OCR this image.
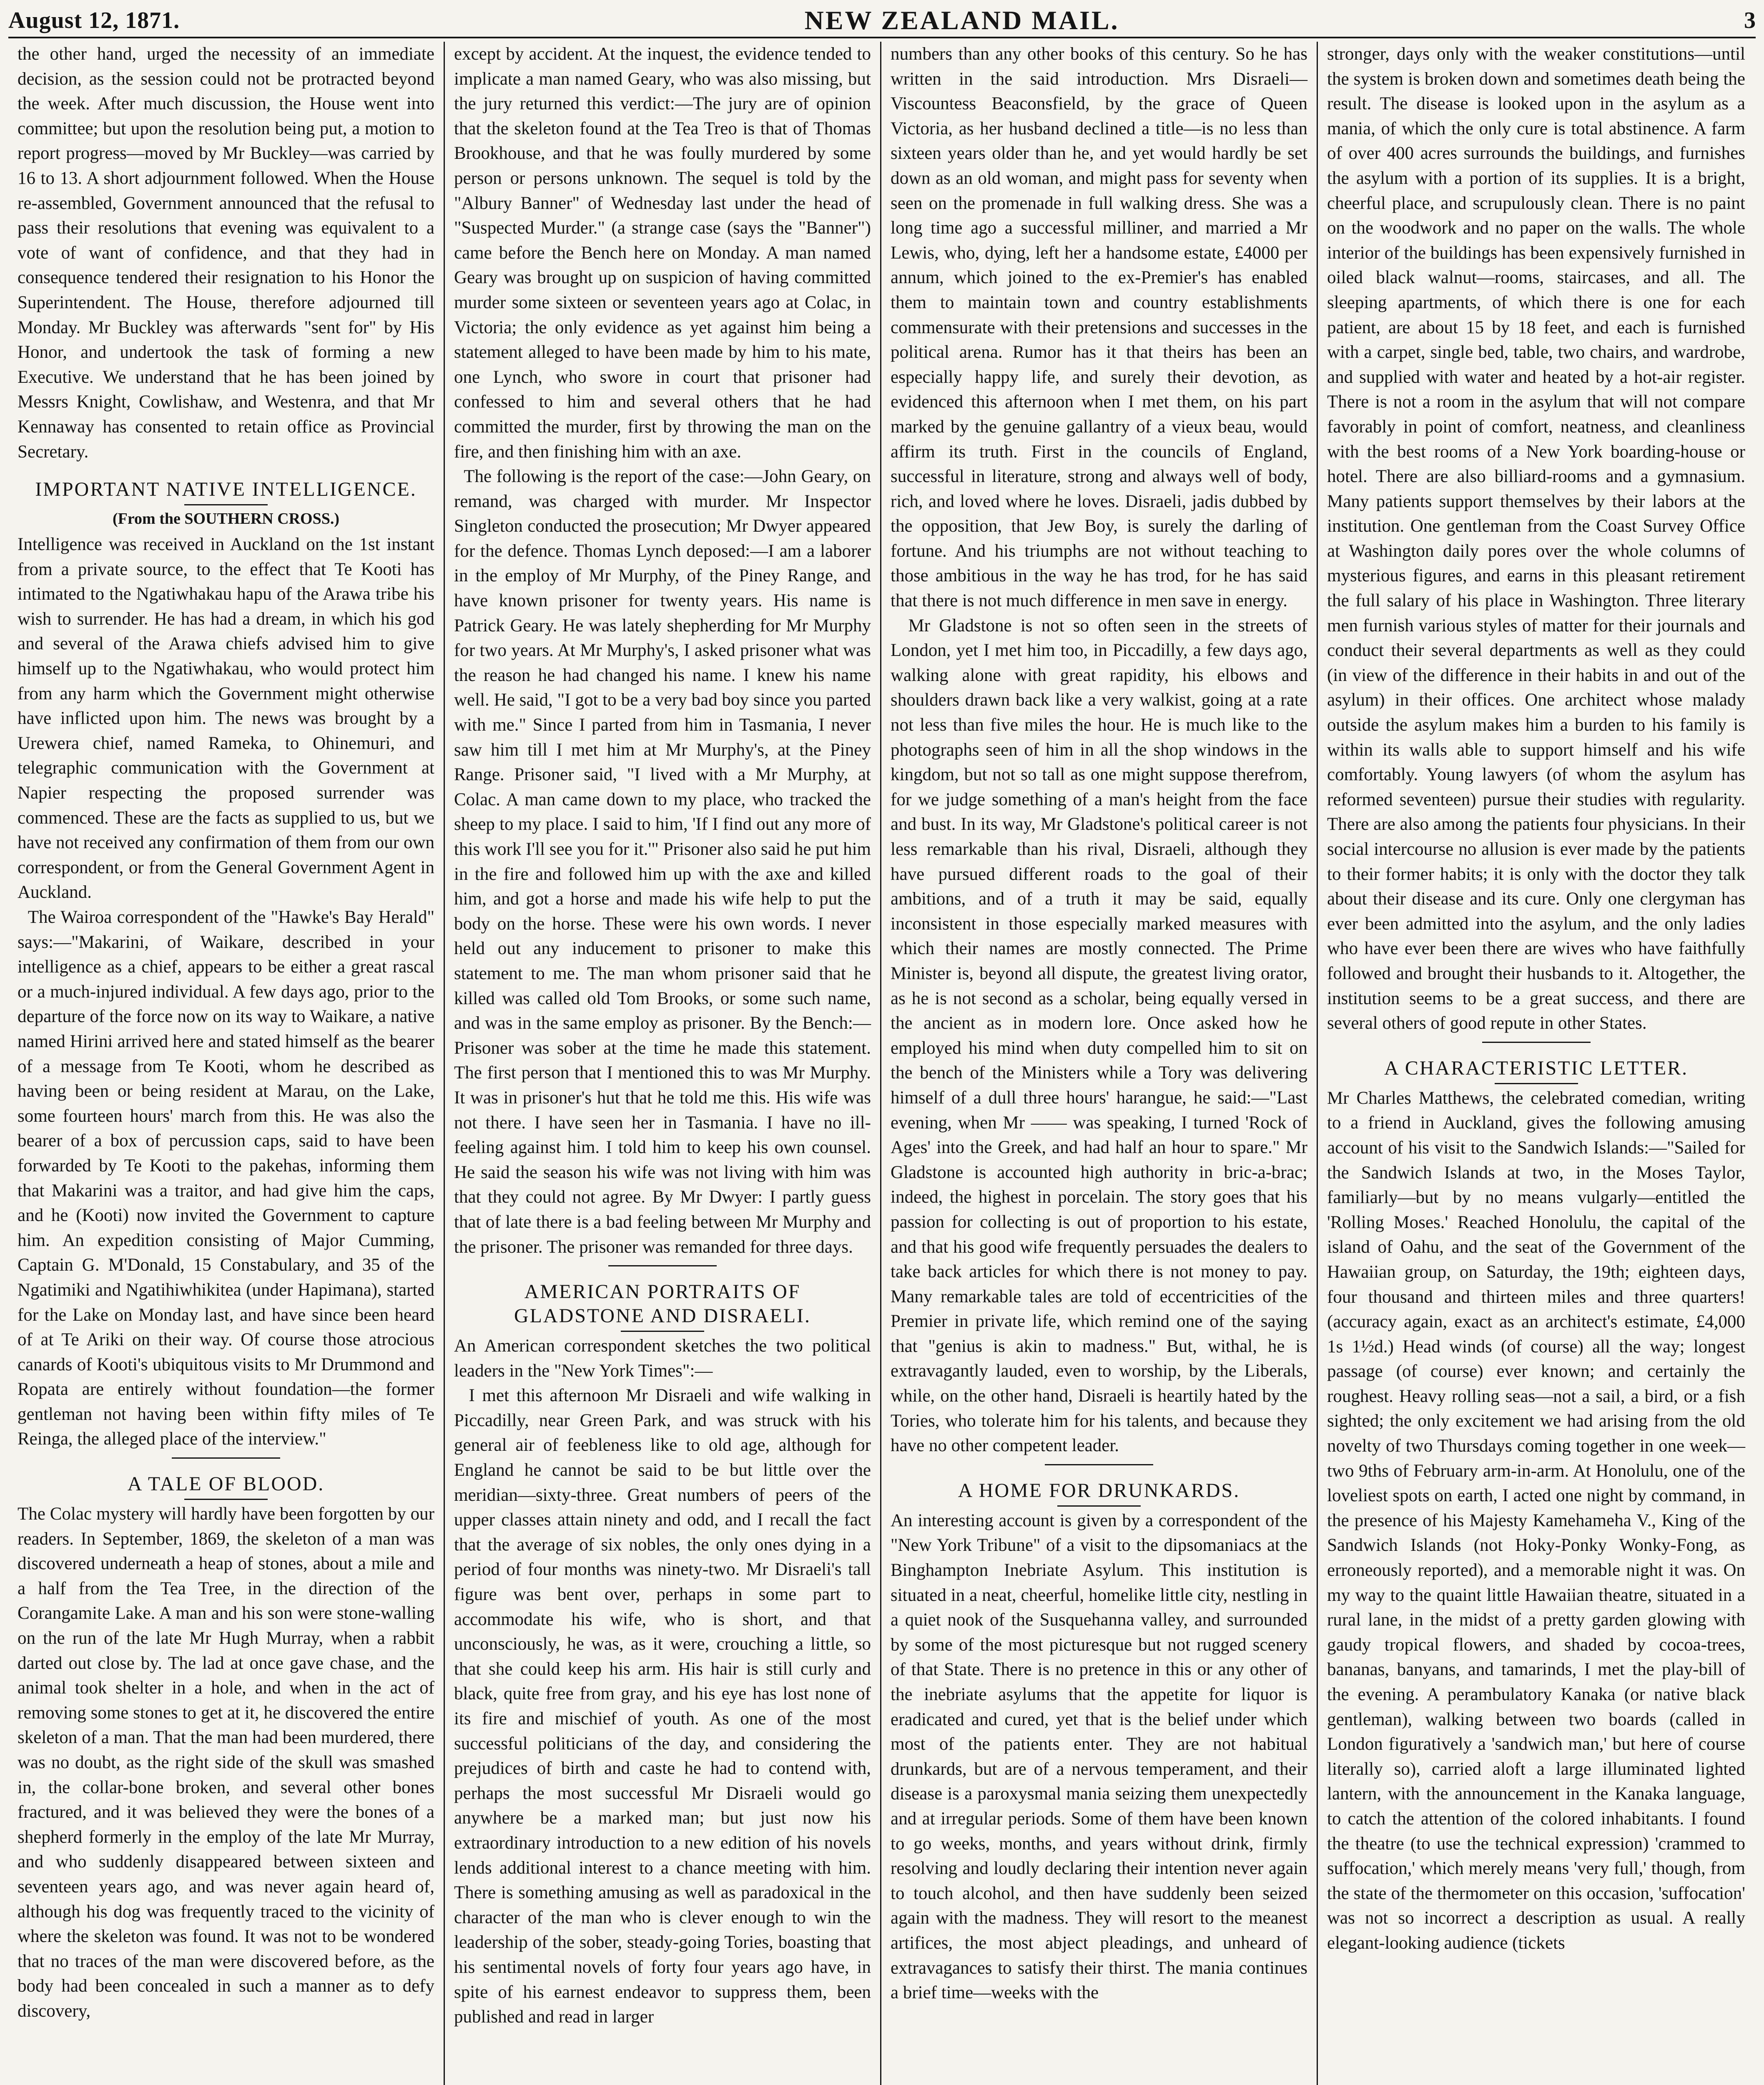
August 12, 1871.	NEW ZEALAND MAIL.	3

the other hand, urged the necessity of an immediate decision, as the session could not be protracted beyond the week. After much discussion, the House went into committee; but upon the resolution being put, a motion to report progress—moved by Mr Buckley—was carried by 16 to 13. A short adjournment followed. When the House re-assembled, Government announced that the refusal to pass their resolutions that evening was equivalent to a vote of want of confidence, and that they had in consequence tendered their resignation to his Honor the Superintendent. The House, therefore adjourned till Monday. Mr Buckley was afterwards "sent for" by His Honor, and undertook the task of forming a new Executive. We understand that he has been joined by Messrs Knight, Cowlishaw, and Westenra, and that Mr Kennaway has consented to retain office as Provincial Secretary.

IMPORTANT NATIVE INTELLIGENCE.
(From the SOUTHERN CROSS.)

Intelligence was received in Auckland on the 1st instant from a private source, to the effect that Te Kooti has intimated to the Ngatiwhakau hapu of the Arawa tribe his wish to surrender. He has had a dream, in which his god and several of the Arawa chiefs advised him to give himself up to the Ngatiwhakau, who would protect him from any harm which the Government might otherwise have inflicted upon him. The news was brought by a Urewera chief, named Rameka, to Ohinemuri, and telegraphic communication with the Government at Napier respecting the proposed surrender was commenced. These are the facts as supplied to us, but we have not received any confirmation of them from our own correspondent, or from the General Government Agent in Auckland.
The Wairoa correspondent of the "Hawke's Bay Herald" says:—"Makarini, of Waikare, described in your intelligence as a chief, appears to be either a great rascal or a much-injured individual. A few days ago, prior to the departure of the force now on its way to Waikare, a native named Hirini arrived here and stated himself as the bearer of a message from Te Kooti, whom he described as having been or being resident at Marau, on the Lake, some fourteen hours' march from this. He was also the bearer of a box of percussion caps, said to have been forwarded by Te Kooti to the pakehas, informing them that Makarini was a traitor, and had give him the caps, and he (Kooti) now invited the Government to capture him. An expedition consisting of Major Cumming, Captain G. M'Donald, 15 Constabulary, and 35 of the Ngatimiki and Ngatihiwhikitea (under Hapimana), started for the Lake on Monday last, and have since been heard of at Te Ariki on their way. Of course those atrocious canards of Kooti's ubiquitous visits to Mr Drummond and Ropata are entirely without foundation—the former gentleman not having been within fifty miles of Te Reinga, the alleged place of the interview."

A TALE OF BLOOD.

The Colac mystery will hardly have been forgotten by our readers. In September, 1869, the skeleton of a man was discovered underneath a heap of stones, about a mile and a half from the Tea Tree, in the direction of the Corangamite Lake. A man and his son were stone-walling on the run of the late Mr Hugh Murray, when a rabbit darted out close by. The lad at once gave chase, and the animal took shelter in a hole, and when in the act of removing some stones to get at it, he discovered the entire skeleton of a man. That the man had been murdered, there was no doubt, as the right side of the skull was smashed in, the collar-bone broken, and several other bones fractured, and it was believed they were the bones of a shepherd formerly in the employ of the late Mr Murray, and who suddenly disappeared between sixteen and seventeen years ago, and was never again heard of, although his dog was frequently traced to the vicinity of where the skeleton was found. It was not to be wondered that no traces of the man were discovered before, as the body had been concealed in such a manner as to defy discovery,

except by accident. At the inquest, the evidence tended to implicate a man named Geary, who was also missing, but the jury returned this verdict:—The jury are of opinion that the skeleton found at the Tea Treo is that of Thomas Brookhouse, and that he was foully murdered by some person or persons unknown. The sequel is told by the "Albury Banner" of Wednesday last under the head of "Suspected Murder." (a strange case (says the "Banner") came before the Bench here on Monday. A man named Geary was brought up on suspicion of having committed murder some sixteen or seventeen years ago at Colac, in Victoria; the only evidence as yet against him being a statement alleged to have been made by him to his mate, one Lynch, who swore in court that prisoner had confessed to him and several others that he had committed the murder, first by throwing the man on the fire, and then finishing him with an axe.
The following is the report of the case:—John Geary, on remand, was charged with murder. Mr Inspector Singleton conducted the prosecution; Mr Dwyer appeared for the defence. Thomas Lynch deposed:—I am a laborer in the employ of Mr Murphy, of the Piney Range, and have known prisoner for twenty years. His name is Patrick Geary. He was lately shepherding for Mr Murphy for two years. At Mr Murphy's, I asked prisoner what was the reason he had changed his name. I knew his name well. He said, "I got to be a very bad boy since you parted with me." Since I parted from him in Tasmania, I never saw him till I met him at Mr Murphy's, at the Piney Range. Prisoner said, "I lived with a Mr Murphy, at Colac. A man came down to my place, who tracked the sheep to my place. I said to him, 'If I find out any more of this work I'll see you for it.'" Prisoner also said he put him in the fire and followed him up with the axe and killed him, and got a horse and made his wife help to put the body on the horse. These were his own words. I never held out any inducement to prisoner to make this statement to me. The man whom prisoner said that he killed was called old Tom Brooks, or some such name, and was in the same employ as prisoner. By the Bench:—Prisoner was sober at the time he made this statement. The first person that I mentioned this to was Mr Murphy. It was in prisoner's hut that he told me this. His wife was not there. I have seen her in Tasmania. I have no ill-feeling against him. I told him to keep his own counsel. He said the season his wife was not living with him was that they could not agree. By Mr Dwyer: I partly guess that of late there is a bad feeling between Mr Murphy and the prisoner. The prisoner was remanded for three days.

AMERICAN PORTRAITS OF
GLADSTONE AND DISRAELI.

An American correspondent sketches the two political leaders in the "New York Times":—
I met this afternoon Mr Disraeli and wife walking in Piccadilly, near Green Park, and was struck with his general air of feebleness like to old age, although for England he cannot be said to be but little over the meridian—sixty-three. Great numbers of peers of the upper classes attain ninety and odd, and I recall the fact that the average of six nobles, the only ones dying in a period of four months was ninety-two. Mr Disraeli's tall figure was bent over, perhaps in some part to accommodate his wife, who is short, and that unconsciously, he was, as it were, crouching a little, so that she could keep his arm. His hair is still curly and black, quite free from gray, and his eye has lost none of its fire and mischief of youth. As one of the most successful politicians of the day, and considering the prejudices of birth and caste he had to contend with, perhaps the most successful Mr Disraeli would go anywhere be a marked man; but just now his extraordinary introduction to a new edition of his novels lends additional interest to a chance meeting with him. There is something amusing as well as paradoxical in the character of the man who is clever enough to win the leadership of the sober, steady-going Tories, boasting that his sentimental novels of forty four years ago have, in spite of his earnest endeavor to suppress them, been published and read in larger

numbers than any other books of this century. So he has written in the said introduction. Mrs Disraeli—Viscountess Beaconsfield, by the grace of Queen Victoria, as her husband declined a title—is no less than sixteen years older than he, and yet would hardly be set down as an old woman, and might pass for seventy when seen on the promenade in full walking dress. She was a long time ago a successful milliner, and married a Mr Lewis, who, dying, left her a handsome estate, £4000 per annum, which joined to the ex-Premier's has enabled them to maintain town and country establishments commensurate with their pretensions and successes in the political arena. Rumor has it that theirs has been an especially happy life, and surely their devotion, as evidenced this afternoon when I met them, on his part marked by the genuine gallantry of a vieux beau, would affirm its truth. First in the councils of England, successful in literature, strong and always well of body, rich, and loved where he loves. Disraeli, jadis dubbed by the opposition, that Jew Boy, is surely the darling of fortune. And his triumphs are not without teaching to those ambitious in the way he has trod, for he has said that there is not much difference in men save in energy.
Mr Gladstone is not so often seen in the streets of London, yet I met him too, in Piccadilly, a few days ago, walking alone with great rapidity, his elbows and shoulders drawn back like a very walkist, going at a rate not less than five miles the hour. He is much like to the photographs seen of him in all the shop windows in the kingdom, but not so tall as one might suppose therefrom, for we judge something of a man's height from the face and bust. In its way, Mr Gladstone's political career is not less remarkable than his rival, Disraeli, although they have pursued different roads to the goal of their ambitions, and of a truth it may be said, equally inconsistent in those especially marked measures with which their names are mostly connected. The Prime Minister is, beyond all dispute, the greatest living orator, as he is not second as a scholar, being equally versed in the ancient as in modern lore. Once asked how he employed his mind when duty compelled him to sit on the bench of the Ministers while a Tory was delivering himself of a dull three hours' harangue, he said:—"Last evening, when Mr —— was speaking, I turned 'Rock of Ages' into the Greek, and had half an hour to spare." Mr Gladstone is accounted high authority in bric-a-brac; indeed, the highest in porcelain. The story goes that his passion for collecting is out of proportion to his estate, and that his good wife frequently persuades the dealers to take back articles for which there is not money to pay. Many remarkable tales are told of eccentricities of the Premier in private life, which remind one of the saying that "genius is akin to madness." But, withal, he is extravagantly lauded, even to worship, by the Liberals, while, on the other hand, Disraeli is heartily hated by the Tories, who tolerate him for his talents, and because they have no other competent leader.

A HOME FOR DRUNKARDS.

An interesting account is given by a correspondent of the "New York Tribune" of a visit to the dipsomaniacs at the Binghampton Inebriate Asylum. This institution is situated in a neat, cheerful, homelike little city, nestling in a quiet nook of the Susquehanna valley, and surrounded by some of the most picturesque but not rugged scenery of that State. There is no pretence in this or any other of the inebriate asylums that the appetite for liquor is eradicated and cured, yet that is the belief under which most of the patients enter. They are not habitual drunkards, but are of a nervous temperament, and their disease is a paroxysmal mania seizing them unexpectedly and at irregular periods. Some of them have been known to go weeks, months, and years without drink, firmly resolving and loudly declaring their intention never again to touch alcohol, and then have suddenly been seized again with the madness. They will resort to the meanest artifices, the most abject pleadings, and unheard of extravagances to satisfy their thirst. The mania continues a brief time—weeks with the

stronger, days only with the weaker constitutions—until the system is broken down and sometimes death being the result. The disease is looked upon in the asylum as a mania, of which the only cure is total abstinence. A farm of over 400 acres surrounds the buildings, and furnishes the asylum with a portion of its supplies. It is a bright, cheerful place, and scrupulously clean. There is no paint on the woodwork and no paper on the walls. The whole interior of the buildings has been expensively furnished in oiled black walnut—rooms, staircases, and all. The sleeping apartments, of which there is one for each patient, are about 15 by 18 feet, and each is furnished with a carpet, single bed, table, two chairs, and wardrobe, and supplied with water and heated by a hot-air register. There is not a room in the asylum that will not compare favorably in point of comfort, neatness, and cleanliness with the best rooms of a New York boarding-house or hotel. There are also billiard-rooms and a gymnasium. Many patients support themselves by their labors at the institution. One gentleman from the Coast Survey Office at Washington daily pores over the whole columns of mysterious figures, and earns in this pleasant retirement the full salary of his place in Washington. Three literary men furnish various styles of matter for their journals and conduct their several departments as well as they could (in view of the difference in their habits in and out of the asylum) in their offices. One architect whose malady outside the asylum makes him a burden to his family is within its walls able to support himself and his wife comfortably. Young lawyers (of whom the asylum has reformed seventeen) pursue their studies with regularity. There are also among the patients four physicians. In their social intercourse no allusion is ever made by the patients to their former habits; it is only with the doctor they talk about their disease and its cure. Only one clergyman has ever been admitted into the asylum, and the only ladies who have ever been there are wives who have faithfully followed and brought their husbands to it. Altogether, the institution seems to be a great success, and there are several others of good repute in other States.

A CHARACTERISTIC LETTER.

Mr Charles Matthews, the celebrated comedian, writing to a friend in Auckland, gives the following amusing account of his visit to the Sandwich Islands:—"Sailed for the Sandwich Islands at two, in the Moses Taylor, familiarly—but by no means vulgarly—entitled the 'Rolling Moses.' Reached Honolulu, the capital of the island of Oahu, and the seat of the Government of the Hawaiian group, on Saturday, the 19th; eighteen days, four thousand and thirteen miles and three quarters! (accuracy again, exact as an architect's estimate, £4,000 1s 1½d.) Head winds (of course) all the way; longest passage (of course) ever known; and certainly the roughest. Heavy rolling seas—not a sail, a bird, or a fish sighted; the only excitement we had arising from the old novelty of two Thursdays coming together in one week—two 9ths of February arm-in-arm. At Honolulu, one of the loveliest spots on earth, I acted one night by command, in the presence of his Majesty Kamehameha V., King of the Sandwich Islands (not Hoky-Ponky Wonky-Fong, as erroneously reported), and a memorable night it was. On my way to the quaint little Hawaiian theatre, situated in a rural lane, in the midst of a pretty garden glowing with gaudy tropical flowers, and shaded by cocoa-trees, bananas, banyans, and tamarinds, I met the play-bill of the evening. A perambulatory Kanaka (or native black gentleman), walking between two boards (called in London figuratively a 'sandwich man,' but here of course literally so), carried aloft a large illuminated lighted lantern, with the announcement in the Kanaka language, to catch the attention of the colored inhabitants. I found the theatre (to use the technical expression) 'crammed to suffocation,' which merely means 'very full,' though, from the state of the thermometer on this occasion, 'suffocation' was not so incorrect a description as usual. A really elegant-looking audience (tickets
